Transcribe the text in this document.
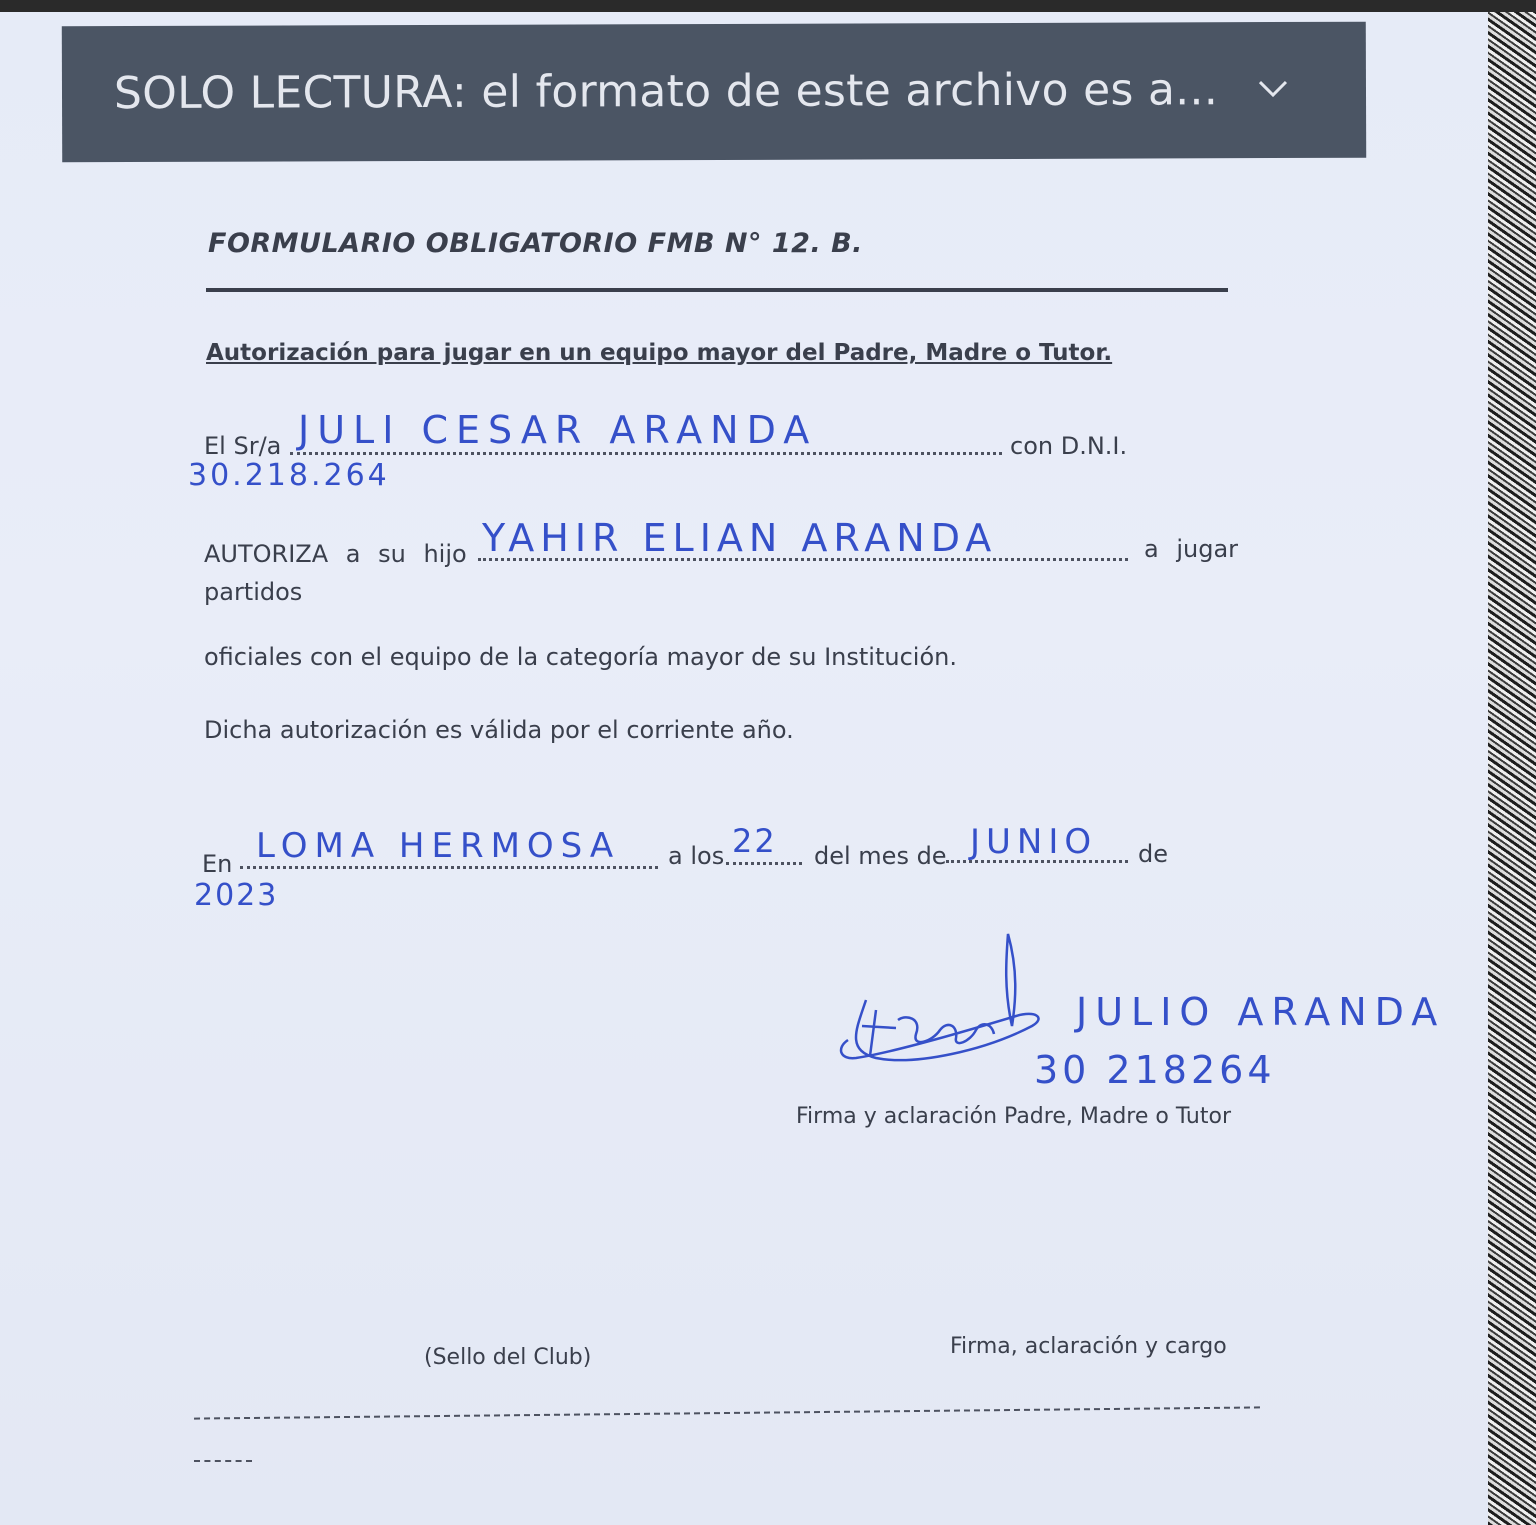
SOLO LECTURA: el formato de este archivo es a...
FORMULARIO OBLIGATORIO FMB N° 12. B.
Autorización para jugar en un equipo mayor del Padre, Madre o Tutor.
El Sr/a JULI CESAR ARANDA	con D.N.I.
30.218.264
AUTORIZA a su hijo YAHIR ELIAN ARANDA	a jugar
partidos
oficiales con el equipo de la categoría mayor de su Institución.
Dicha autorización es válida por el corriente año.
En LOMA HERMOSA a los 22 del mes de JUNIO de
2023
JULIO ARANDA
30 218264
Firma y aclaración Padre, Madre o Tutor
(Sello del Club)	Firma, aclaración y cargo
